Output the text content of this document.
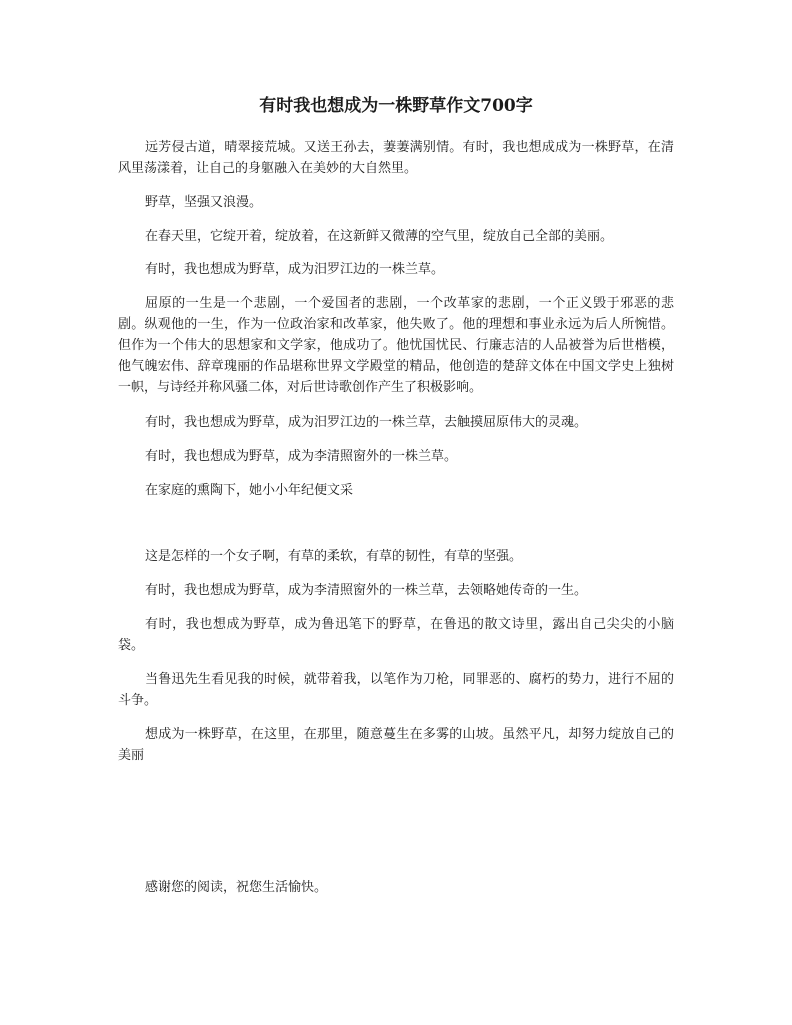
有时我也想成为一株野草作文700字

远芳侵古道，晴翠接荒城。又送王孙去，萋萋满别情。有时，我也想成成为一株野草，在清风里荡漾着，让自己的身躯融入在美妙的大自然里。

野草，坚强又浪漫。

在春天里，它绽开着，绽放着，在这新鲜又微薄的空气里，绽放自己全部的美丽。

有时，我也想成为野草，成为汨罗江边的一株兰草。

屈原的一生是一个悲剧，一个爱国者的悲剧，一个改革家的悲剧，一个正义毁于邪恶的悲剧。纵观他的一生，作为一位政治家和改革家，他失败了。他的理想和事业永远为后人所惋惜。但作为一个伟大的思想家和文学家，他成功了。他忧国忧民、行廉志洁的人品被誉为后世楷模，他气魄宏伟、辞章瑰丽的作品堪称世界文学殿堂的精品，他创造的楚辞文体在中国文学史上独树一帜，与诗经并称风骚二体，对后世诗歌创作产生了积极影响。

有时，我也想成为野草，成为汨罗江边的一株兰草，去触摸屈原伟大的灵魂。

有时，我也想成为野草，成为李清照窗外的一株兰草。

在家庭的熏陶下，她小小年纪便文采

这是怎样的一个女子啊，有草的柔软，有草的韧性，有草的坚强。

有时，我也想成为野草，成为李清照窗外的一株兰草，去领略她传奇的一生。

有时，我也想成为野草，成为鲁迅笔下的野草，在鲁迅的散文诗里，露出自己尖尖的小脑袋。

当鲁迅先生看见我的时候，就带着我，以笔作为刀枪，同罪恶的、腐朽的势力，进行不屈的斗争。

想成为一株野草，在这里，在那里，随意蔓生在多雾的山坡。虽然平凡，却努力绽放自己的美丽

感谢您的阅读，祝您生活愉快。
